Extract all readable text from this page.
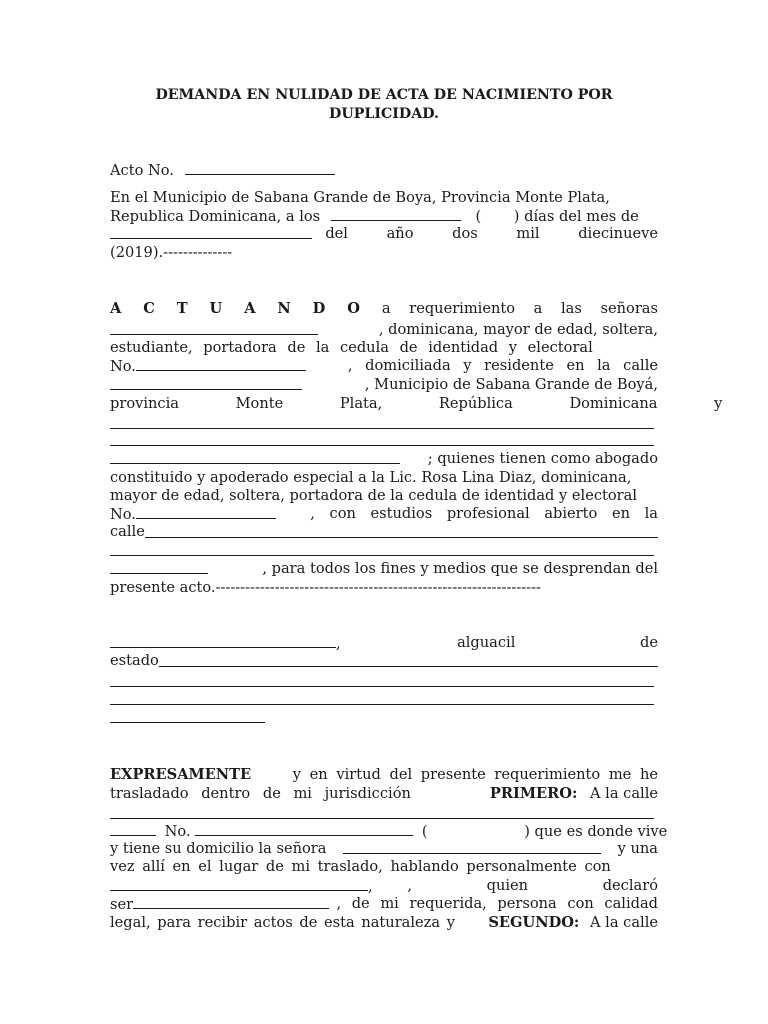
DEMANDA EN NULIDAD DE ACTA DE NACIMIENTO POR
DUPLICIDAD.
Acto No.
En el Municipio de Sabana Grande de Boya, Provincia Monte Plata,
Republica Dominicana, a los	( ) días del mes de
del año dos mil diecinueve
(2019).--------------
A C T U A N D O a requerimiento a las señoras
, dominicana, mayor de edad, soltera,
estudiante, portadora de la cedula de identidad y electoral
No.	, domiciliada y residente en la calle
, Municipio de Sabana Grande de Boyá,
provincia Monte Plata, República Dominicana y
; quienes tienen como abogado
constituido y apoderado especial a la Lic. Rosa Lina Diaz, dominicana,
mayor de edad, soltera, portadora de la cedula de identidad y electoral
No.	, con estudios profesional abierto en la
calle
, para todos los fines y medios que se desprendan del
presente acto.------------------------------------------------------------------
,	alguacil de
estado
EXPRESAMENTE	y en virtud del presente requerimiento me he
trasladado dentro de mi jurisdicción	PRIMERO: A la calle
No.	(	) que es donde vive
y tiene su domicilio la señora	y una
vez allí en el lugar de mi traslado, hablando personalmente con
, , quien declaró
ser	, de mi requerida, persona con calidad
legal, para recibir actos de esta naturaleza y SEGUNDO: A la calle
